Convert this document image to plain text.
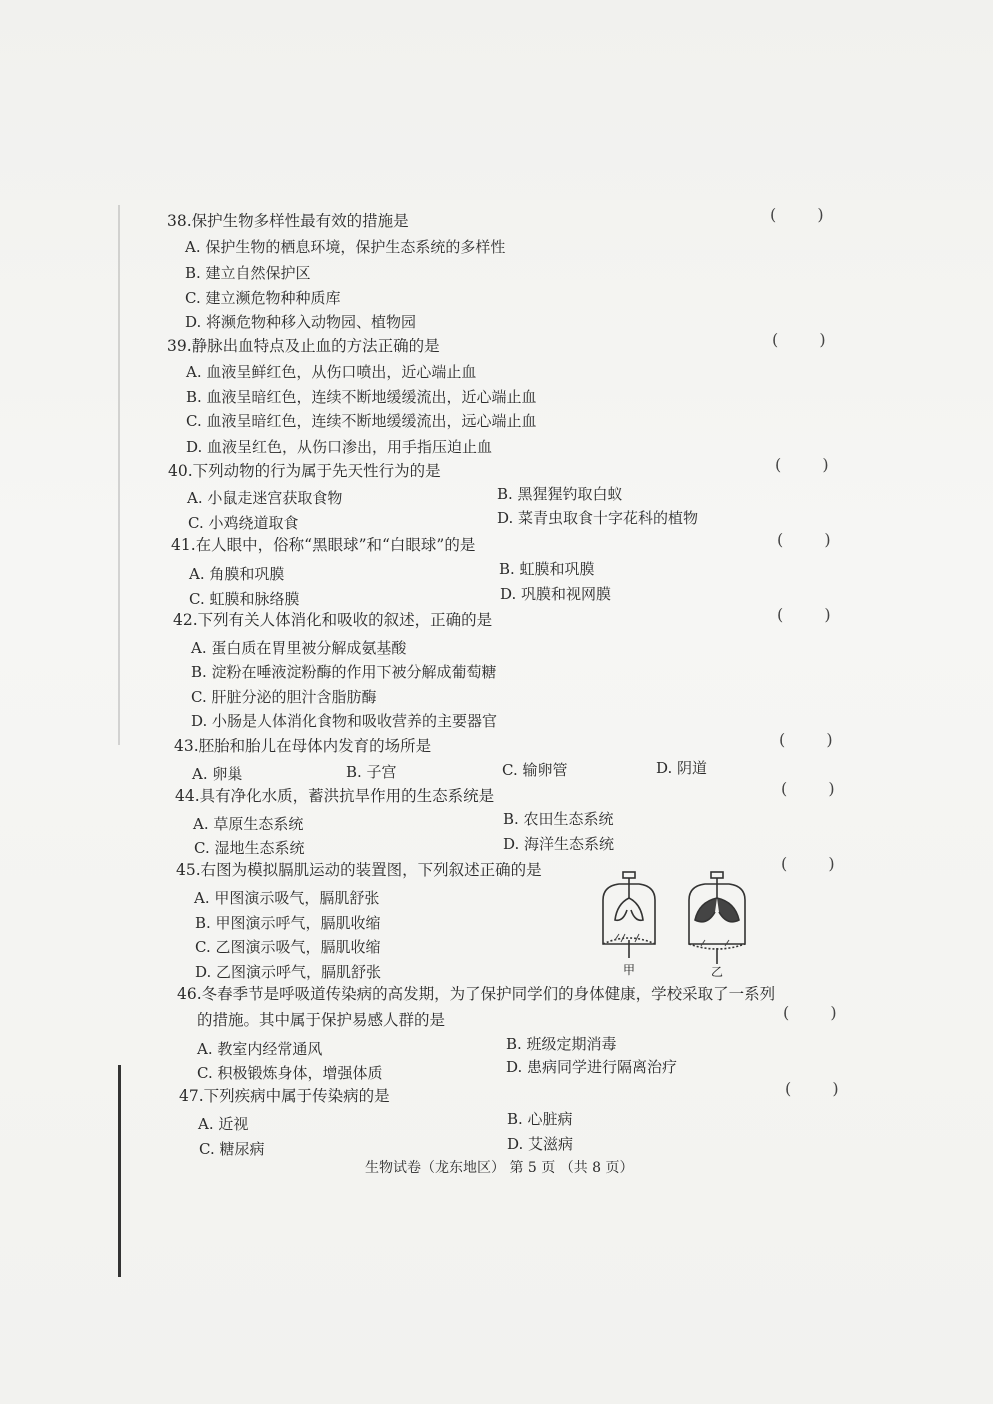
38.保护生物多样性最有效的措施是	( )
A. 保护生物的栖息环境，保护生态系统的多样性
B. 建立自然保护区
C. 建立濒危物种种质库
D. 将濒危物种移入动物园、植物园
39.静脉出血特点及止血的方法正确的是	( )
A. 血液呈鲜红色，从伤口喷出，近心端止血
B. 血液呈暗红色，连续不断地缓缓流出，近心端止血
C. 血液呈暗红色，连续不断地缓缓流出，远心端止血
D. 血液呈红色，从伤口渗出，用手指压迫止血
40.下列动物的行为属于先天性行为的是	( )
A. 小鼠走迷宫获取食物	B. 黑猩猩钓取白蚁
C. 小鸡绕道取食	D. 菜青虫取食十字花科的植物
41.在人眼中，俗称“黑眼球”和“白眼球”的是	( )
A. 角膜和巩膜	B. 虹膜和巩膜
C. 虹膜和脉络膜	D. 巩膜和视网膜
42.下列有关人体消化和吸收的叙述，正确的是	( )
A. 蛋白质在胃里被分解成氨基酸
B. 淀粉在唾液淀粉酶的作用下被分解成葡萄糖
C. 肝脏分泌的胆汁含脂肪酶
D. 小肠是人体消化食物和吸收营养的主要器官
43.胚胎和胎儿在母体内发育的场所是	( )
A. 卵巢	B. 子宫	C. 输卵管	D. 阴道
44.具有净化水质，蓄洪抗旱作用的生态系统是	( )
A. 草原生态系统	B. 农田生态系统
C. 湿地生态系统	D. 海洋生态系统
45.右图为模拟膈肌运动的装置图，下列叙述正确的是	( )
A. 甲图演示吸气，膈肌舒张
B. 甲图演示呼气，膈肌收缩
C. 乙图演示吸气，膈肌收缩
D. 乙图演示呼气，膈肌舒张	甲	乙
46.冬春季节是呼吸道传染病的高发期，为了保护同学们的身体健康，学校采取了一系列
的措施。其中属于保护易感人群的是	( )
A. 教室内经常通风	B. 班级定期消毒
C. 积极锻炼身体，增强体质	D. 患病同学进行隔离治疗
47.下列疾病中属于传染病的是	( )
A. 近视	B. 心脏病
C. 糖尿病	D. 艾滋病
生物试卷（龙东地区） 第 5 页 （共 8 页）
